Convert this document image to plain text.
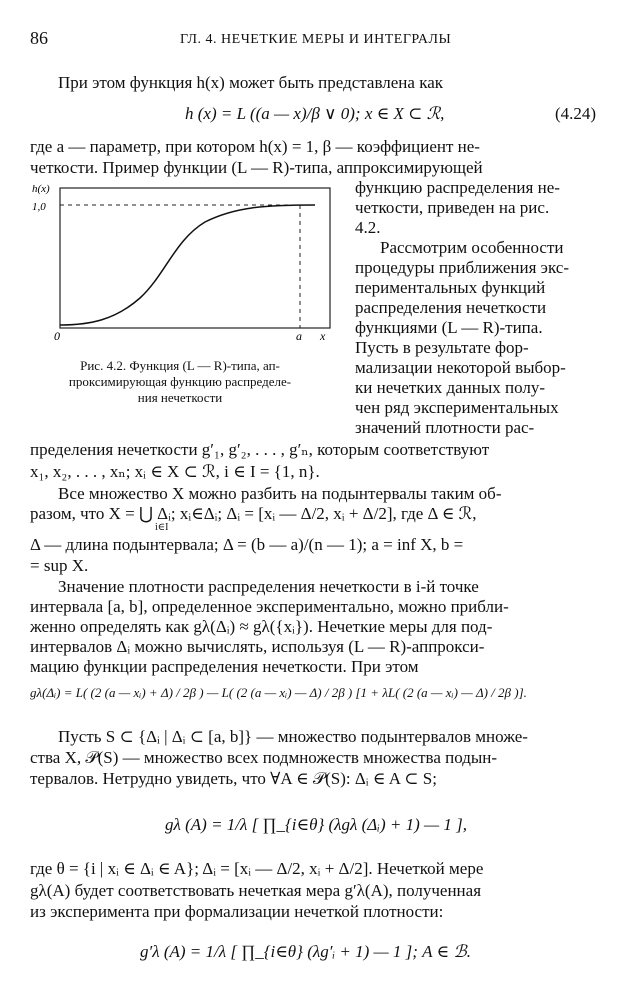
86	ГЛ. 4. НЕЧЕТКИЕ МЕРЫ И ИНТЕГРАЛЫ
При этом функция h(x) может быть представлена как
h (x) = L ((a — x)/β ∨ 0); x ∈ X ⊂ ℛ,	(4.24)
где a — параметр, при котором h(x) = 1, β — коэффициент не-
четкости. Пример функции (L — R)-типа, аппроксимирующей
h(x)
1,0
0	a x
Рис. 4.2. Функция (L — R)-типа, ап-
проксимирующая функцию распределе-
ния нечеткости
функцию распределения не-
четкости, приведен на рис.
4.2.
Рассмотрим особенности
процедуры приближения экс-
периментальных функций
распределения нечеткости
функциями (L — R)-типа.
Пусть в результате фор-
мализации некоторой выбор-
ки нечетких данных полу-
чен ряд экспериментальных
значений плотности рас-
пределения нечеткости g′₁, g′₂, . . . , g′ₙ, которым соответствуют
x₁, x₂, . . . , xₙ; xᵢ ∈ X ⊂ ℛ, i ∈ I = {1, n}.
Все множество X можно разбить на подынтервалы таким об-
разом, что X = ⋃ Δᵢ; xᵢ∈Δᵢ; Δᵢ = [xᵢ — Δ/2, xᵢ + Δ/2], где Δ ∈ ℛ,
i∈I
Δ — длина подынтервала; Δ = (b — a)/(n — 1); a = inf X, b =
= sup X.
Значение плотности распределения нечеткости в i-й точке
интервала [a, b], определенное экспериментально, можно прибли-
женно определять как gλ(Δᵢ) ≈ gλ({xᵢ}). Нечеткие меры для под-
интервалов Δᵢ можно вычислять, используя (L — R)-аппрокси-
мацию функции распределения нечеткости. При этом
gλ(Δᵢ) = L( (2 (a — xᵢ) + Δ) / 2β ) — L( (2 (a — xᵢ) — Δ) / 2β ) [1 + λL( (2 (a — xᵢ) — Δ) / 2β )].
Пусть S ⊂ {Δᵢ | Δᵢ ⊂ [a, b]} — множество подынтервалов множе-
ства X, 𝒫(S) — множество всех подмножеств множества подын-
тервалов. Нетрудно увидеть, что ∀A ∈ 𝒫(S): Δᵢ ∈ A ⊂ S;
gλ (A) = 1/λ [ ∏_{i∈θ} (λgλ (Δᵢ) + 1) — 1 ],
где θ = {i | xᵢ ∈ Δᵢ ∈ A}; Δᵢ = [xᵢ — Δ/2, xᵢ + Δ/2]. Нечеткой мере
gλ(A) будет соответствовать нечеткая мера g′λ(A), полученная
из эксперимента при формализации нечеткой плотности:
g′λ (A) = 1/λ [ ∏_{i∈θ} (λg′ᵢ + 1) — 1 ]; A ∈ ℬ.
